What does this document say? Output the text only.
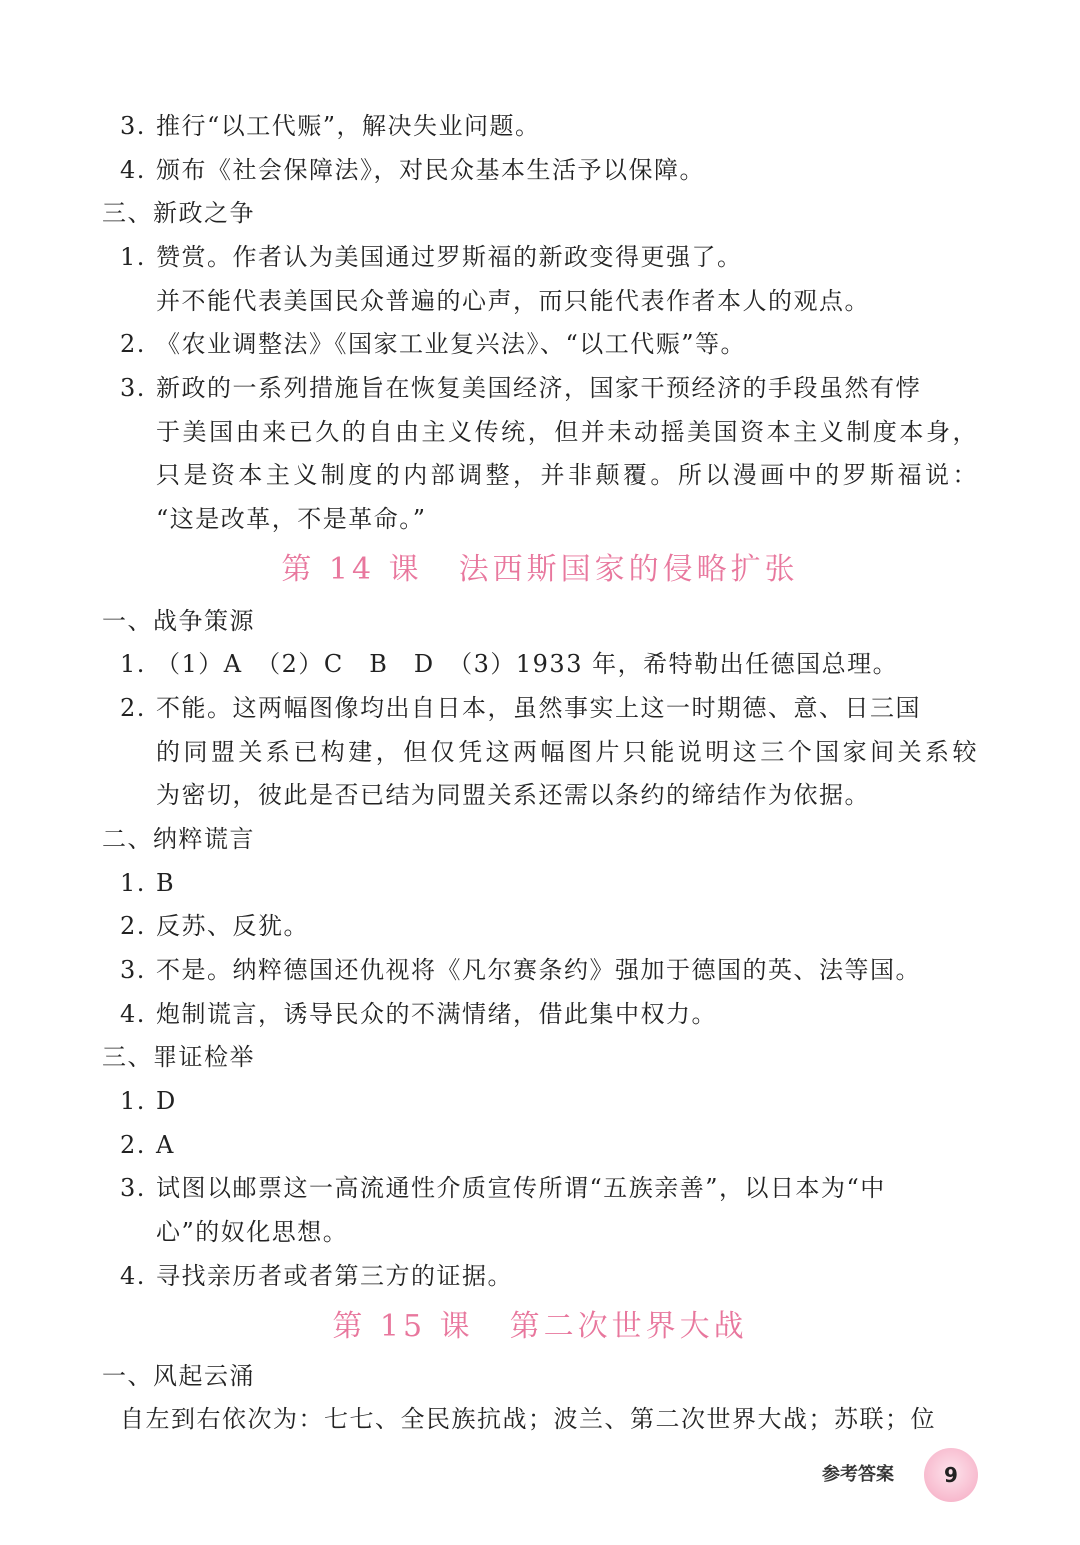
3. 推行“以工代赈”，解决失业问题。
4. 颁布《社会保障法》，对民众基本生活予以保障。
三、新政之争
1. 赞赏。作者认为美国通过罗斯福的新政变得更强了。
并不能代表美国民众普遍的心声，而只能代表作者本人的观点。
2. 《农业调整法》《国家工业复兴法》、“以工代赈”等。
3. 新政的一系列措施旨在恢复美国经济，国家干预经济的手段虽然有悖
于美国由来已久的自由主义传统，但并未动摇美国资本主义制度本身，
只是资本主义制度的内部调整，并非颠覆。所以漫画中的罗斯福说：
“这是改革，不是革命。”
第 14 课 法西斯国家的侵略扩张
一、战争策源
1. （1）A　（2）C　B　D　（3）1933 年，希特勒出任德国总理。
2. 不能。这两幅图像均出自日本，虽然事实上这一时期德、意、日三国
的同盟关系已构建，但仅凭这两幅图片只能说明这三个国家间关系较
为密切，彼此是否已结为同盟关系还需以条约的缔结作为依据。
二、纳粹谎言
1. B
2. 反苏、反犹。
3. 不是。纳粹德国还仇视将《凡尔赛条约》强加于德国的英、法等国。
4. 炮制谎言，诱导民众的不满情绪，借此集中权力。
三、罪证检举
1. D
2. A
3. 试图以邮票这一高流通性介质宣传所谓“五族亲善”，以日本为“中
心”的奴化思想。
4. 寻找亲历者或者第三方的证据。
第 15 课 第二次世界大战
一、风起云涌
自左到右依次为：七七、全民族抗战；波兰、第二次世界大战；苏联；位
参考答案	9
